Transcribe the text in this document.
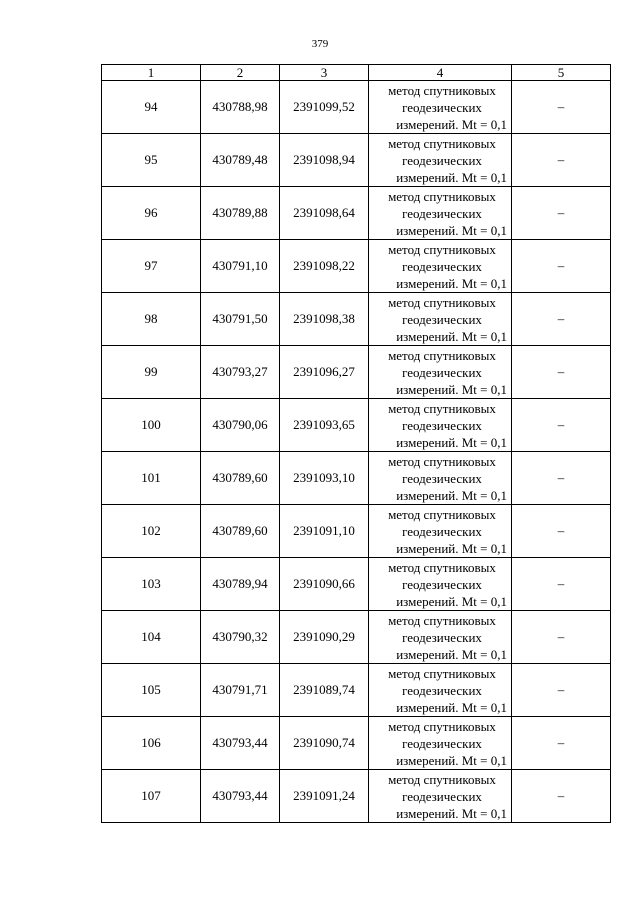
379
1	2	3	4	5
94	430788,98	2391099,52	метод спутниковых
геодезических
измерений. Mt = 0,1	–
95	430789,48	2391098,94	метод спутниковых
геодезических
измерений. Mt = 0,1	–
96	430789,88	2391098,64	метод спутниковых
геодезических
измерений. Mt = 0,1	–
97	430791,10	2391098,22	метод спутниковых
геодезических
измерений. Mt = 0,1	–
98	430791,50	2391098,38	метод спутниковых
геодезических
измерений. Mt = 0,1	–
99	430793,27	2391096,27	метод спутниковых
геодезических
измерений. Mt = 0,1	–
100	430790,06	2391093,65	метод спутниковых
геодезических
измерений. Mt = 0,1	–
101	430789,60	2391093,10	метод спутниковых
геодезических
измерений. Mt = 0,1	–
102	430789,60	2391091,10	метод спутниковых
геодезических
измерений. Mt = 0,1	–
103	430789,94	2391090,66	метод спутниковых
геодезических
измерений. Mt = 0,1	–
104	430790,32	2391090,29	метод спутниковых
геодезических
измерений. Mt = 0,1	–
105	430791,71	2391089,74	метод спутниковых
геодезических
измерений. Mt = 0,1	–
106	430793,44	2391090,74	метод спутниковых
геодезических
измерений. Mt = 0,1	–
107	430793,44	2391091,24	метод спутниковых
геодезических
измерений. Mt = 0,1	–
